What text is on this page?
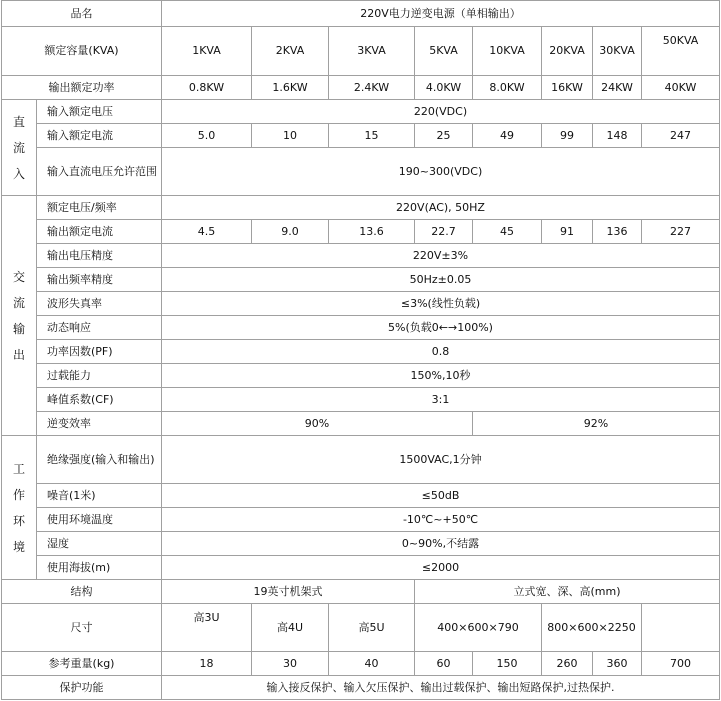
品名		220V电力逆变电源（单相输出）							
额定容量(KVA)		1KVA	2KVA	3KVA	5KVA	10KVA	20KVA	30KVA	50KVA
输出额定功率		0.8KW	1.6KW	2.4KW	4.0KW	8.0KW	16KW	24KW	40KW
直
流
入	输入额定电压	220(VDC)							
	输入额定电流	5.0	10	15	25	49	99	148	247
	输入直流电压允许范围	190~300(VDC)							
交
流
输
出	额定电压/频率	220V(AC), 50HZ							
	输出额定电流	4.5	9.0	13.6	22.7	45	91	136	227
	输出电压精度	220V±3%							
	输出频率精度	50Hz±0.05							
	波形失真率	≤3%(线性负载)							
	动态响应	5%(负载0←→100%)							
	功率因数(PF)	0.8							
	过载能力	150%,10秒							
	峰值系数(CF)	3:1							
	逆变效率	90%				92%			
工
作
环
境	绝缘强度(输入和输出)	1500VAC,1分钟							
	噪音(1米)	≤50dB							
	使用环境温度	-10℃~+50℃							
	湿度	0~90%,不结露							
	使用海拔(m)	≤2000							
结构		19英寸机架式			立式宽、深、高(mm)				
尺寸		高3U	高4U	高5U	400×600×790		800×600×2250		
参考重量(kg)		18	30	40	60	150	260	360	700
保护功能		输入接反保护、输入欠压保护、输出过载保护、输出短路保护,过热保护.							
